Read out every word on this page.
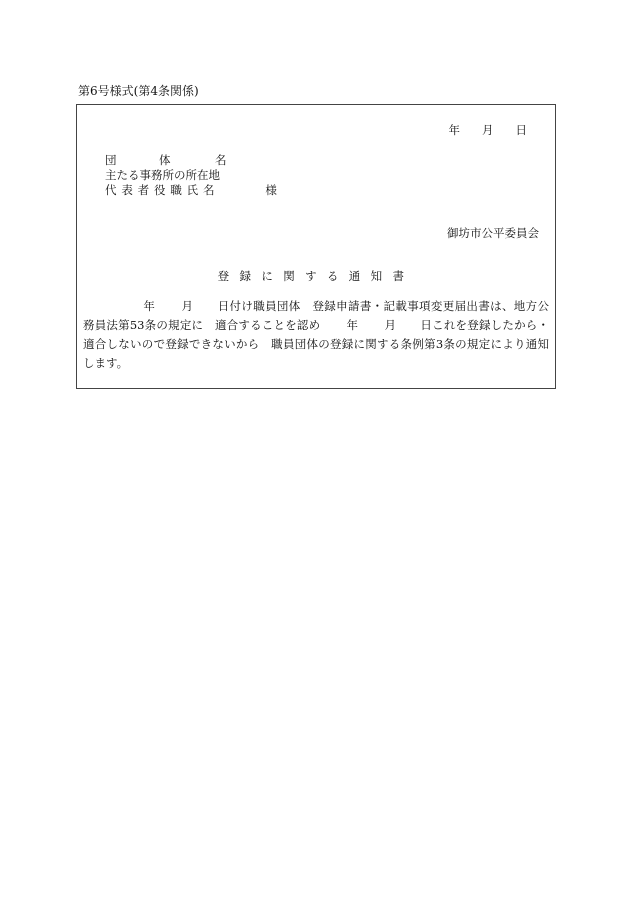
第6号様式(第4条関係)
年 月 日
団	体	名
主たる事務所の所在地
代表者役職氏名	様
御坊市公平委員会
登録に関する通知書
年 月 日付け職員団体　登録申請書・記載事項変更届出書は、地方公務員法第53条の規定に　適合することを認め 年 月 日これを登録したから・適合しないので登録できないから　職員団体の登録に関する条例第3条の規定により通知します。
